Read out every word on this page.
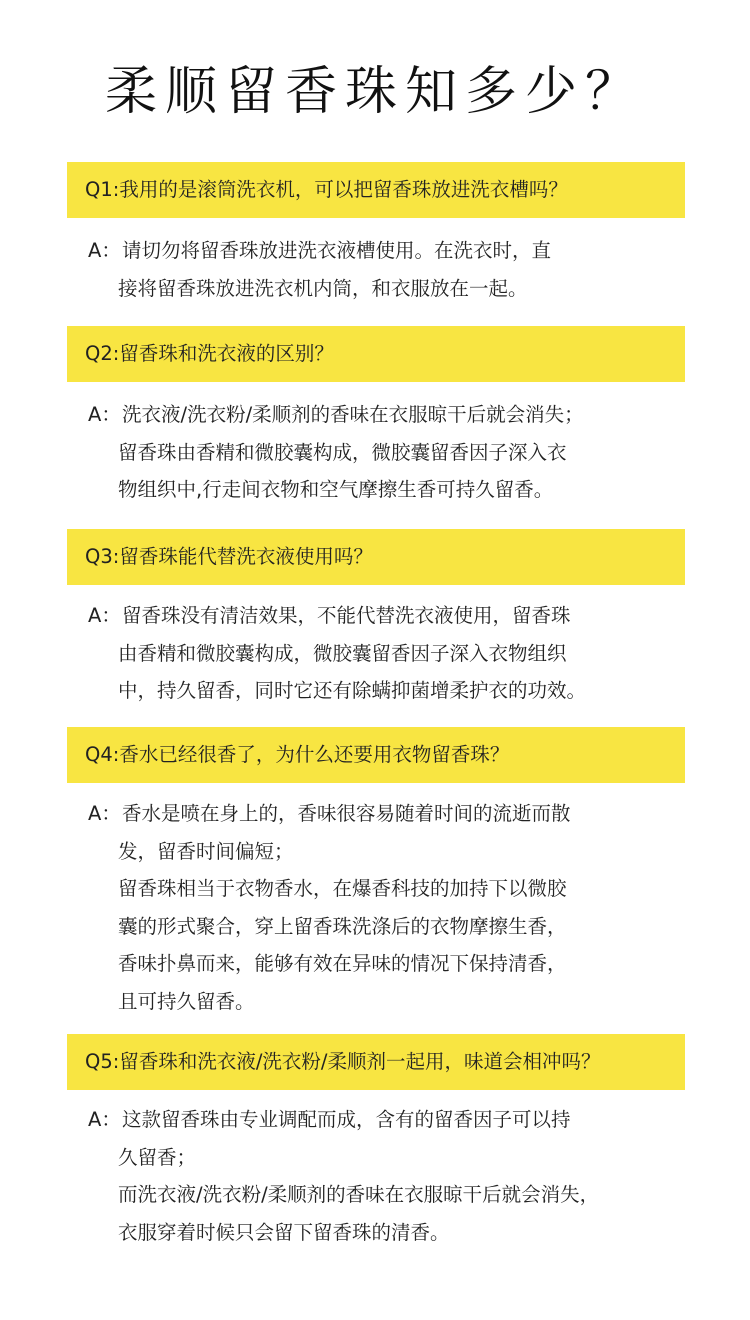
柔顺留香珠知多少？
Q1:我用的是滚筒洗衣机，可以把留香珠放进洗衣槽吗？
A： 请切勿将留香珠放进洗衣液槽使用。在洗衣时，直
接将留香珠放进洗衣机内筒，和衣服放在一起。
Q2:留香珠和洗衣液的区别？
A： 洗衣液/洗衣粉/柔顺剂的香味在衣服晾干后就会消失；
留香珠由香精和微胶囊构成，微胶囊留香因子深入衣
物组织中,行走间衣物和空气摩擦生香可持久留香。
Q3:留香珠能代替洗衣液使用吗？
A： 留香珠没有清洁效果，不能代替洗衣液使用，留香珠
由香精和微胶囊构成，微胶囊留香因子深入衣物组织
中，持久留香，同时它还有除螨抑菌增柔护衣的功效。
Q4:香水已经很香了，为什么还要用衣物留香珠？
A： 香水是喷在身上的，香味很容易随着时间的流逝而散
发，留香时间偏短；
留香珠相当于衣物香水，在爆香科技的加持下以微胶
囊的形式聚合，穿上留香珠洗涤后的衣物摩擦生香，
香味扑鼻而来，能够有效在异味的情况下保持清香，
且可持久留香。
Q5:留香珠和洗衣液/洗衣粉/柔顺剂一起用，味道会相冲吗？
A： 这款留香珠由专业调配而成，含有的留香因子可以持
久留香；
而洗衣液/洗衣粉/柔顺剂的香味在衣服晾干后就会消失，
衣服穿着时候只会留下留香珠的清香。
